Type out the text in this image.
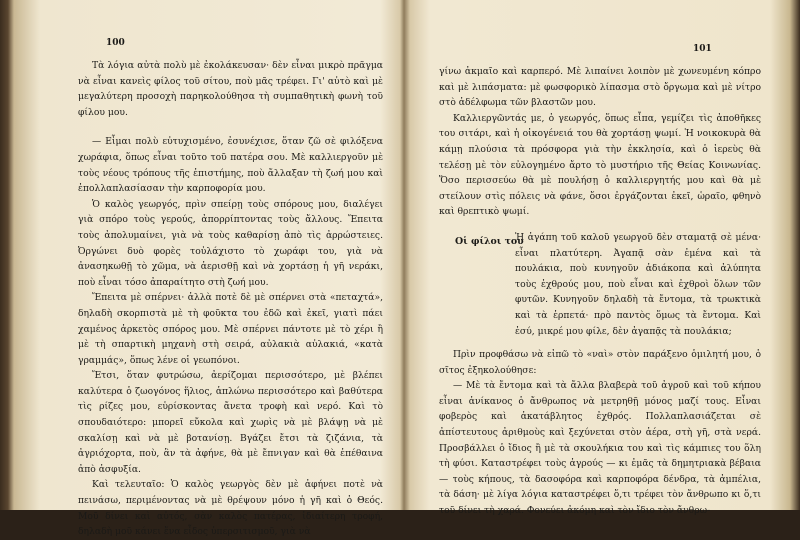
100

Τὰ λόγια αὐτὰ πολὺ μὲ ἐκολάκευσαν· δὲν εἶναι μικρὸ πρᾶγμα νὰ εἶναι κανεὶς φίλος τοῦ σίτου, ποὺ μᾶς τρέφει. Γι' αὐτὸ καὶ μὲ μεγαλύτερη προσοχὴ παρηκολούθησα τὴ συμπαθητικὴ φωνὴ τοῦ φίλου μου.

— Εἶμαι πολὺ εὐτυχισμένο, ἐσυνέχισε, ὅταν ζῶ σὲ φιλόξενα χωράφια, ὅπως εἶναι τοῦτο τοῦ πατέρα σου. Μὲ καλλιεργοῦν μὲ τοὺς νέους τρόπους τῆς ἐπιστήμης, ποὺ ἄλλαξαν τὴ ζωή μου καὶ ἐπολλαπλασίασαν τὴν καρποφορία μου.

Ὁ καλὸς γεωργός, πρὶν σπείρῃ τοὺς σπόρους μου, διαλέγει γιὰ σπόρο τοὺς γερούς, ἀπορρίπτοντας τοὺς ἄλλους. Ἔπειτα τοὺς ἀπολυμαίνει, γιὰ νὰ τοὺς καθαρίσῃ ἀπὸ τὶς ἀρρώστειες. Ὀργώνει δυὸ φορὲς τοὐλάχιστο τὸ χωράφι του, γιὰ νὰ ἀνασηκωθῇ τὸ χῶμα, νὰ ἀερισθῇ καὶ νὰ χορτάσῃ ἡ γῆ νεράκι, ποὺ εἶναι τόσο ἀπαραίτητο στὴ ζωή μου.

Ἔπειτα μὲ σπέρνει· ἀλλὰ ποτὲ δὲ μὲ σπέρνει στὰ «πεταχτά», δηλαδὴ σκορπιστὰ μὲ τὴ φοῦκτα του ἐδῶ καὶ ἐκεῖ, γιατὶ πάει χαμένος ἀρκετὸς σπόρος μου. Μὲ σπέρνει πάντοτε μὲ τὸ χέρι ἢ μὲ τὴ σπαρτικὴ μηχανὴ στὴ σειρά, αὐλακιὰ αὐλακιά, «κατὰ γραμμάς», ὅπως λένε οἱ γεωπόνοι.

Ἔτσι, ὅταν φυτρώσω, ἀερίζομαι περισσότερο, μὲ βλέπει καλύτερα ὁ ζωογόνος ἥλιος, ἁπλώνω περισσότερο καὶ βαθύτερα τὶς ρίζες μου, εὑρίσκοντας ἄνετα τροφὴ καὶ νερό. Καὶ τὸ σπουδαιότερο: μπορεῖ εὔκολα καὶ χωρὶς νὰ μὲ βλάψῃ νὰ μὲ σκαλίσῃ καὶ νὰ μὲ βοτανίσῃ. Βγάζει ἔτσι τὰ ζιζάνια, τὰ ἀγριόχορτα, ποὺ, ἂν τὰ ἀφήνε, θὰ μὲ ἔπνιγαν καὶ θὰ ἐπέθαινα ἀπὸ ἀσφυξία.

Καὶ τελευταῖο: Ὁ καλὸς γεωργὸς δὲν μὲ ἀφήνει ποτὲ νὰ πεινάσω, περιμένοντας νὰ μὲ θρέψουν μόνο ἡ γῆ καὶ ὁ Θεός. Μοῦ δίνει καὶ αὐτός, σὰν καλὸς πατέρας, ἰδιαίτερη τροφή, δηλαδὴ μοῦ κάνει ἕνα εἶδος ὑπερσιτισμοῦ, γιὰ νὰ

101

γίνω ἀκμαῖο καὶ καρπερό. Μὲ λιπαίνει λοιπὸν μὲ χωνευμένη κόπρο καὶ μὲ λιπάσματα: μὲ φωσφορικὸ λίπασμα στὸ ὄργωμα καὶ μὲ νίτρο στὸ ἀδέλφωμα τῶν βλαστῶν μου.

Καλλιεργῶντάς με, ὁ γεωργός, ὅπως εἶπα, γεμίζει τὶς ἀποθῆκες του σιτάρι, καὶ ἡ οἰκογένειά του θὰ χορτάσῃ ψωμί. Ἡ νοικοκυρὰ θὰ κάμῃ πλούσια τὰ πρόσφορα γιὰ τὴν ἐκκλησία, καὶ ὁ ἱερεὺς θὰ τελέσῃ μὲ τὸν εὐλογημένο ἄρτο τὸ μυστήριο τῆς Θείας Κοινωνίας. Ὅσο περισσεύω θὰ μὲ πουλήσῃ ὁ καλλιεργητής μου καὶ θὰ μὲ στείλουν στὶς πόλεις νὰ φάνε, ὅσοι ἐργάζονται ἐκεῖ, ὡραῖο, φθηνὸ καὶ θρεπτικὸ ψωμί.

Οἱ φίλοι του

Ἡ ἀγάπη τοῦ καλοῦ γεωργοῦ δὲν σταματᾷ σὲ μένα· εἶναι πλατύτερη. Ἀγαπᾷ σὰν ἐμένα καὶ τὰ πουλάκια, ποὺ κυνηγοῦν ἀδιάκοπα καὶ ἀλύπητα τοὺς ἐχθρούς μου, ποὺ εἶναι καὶ ἐχθροὶ ὅλων τῶν φυτῶν. Κυνηγοῦν δηλαδὴ τὰ ἔντομα, τὰ τρωκτικὰ καὶ τὰ ἑρπετά· πρὸ παντὸς ὅμως τὰ ἔντομα. Καὶ ἐσύ, μικρέ μου φίλε, δὲν ἀγαπᾷς τὰ πουλάκια;

Πρὶν προφθάσω νὰ εἰπῶ τὸ «ναὶ» στὸν παράξενο ὁμιλητή μου, ὁ σῖτος ἐξηκολούθησε:

— Μὲ τὰ ἔντομα καὶ τὰ ἄλλα βλαβερὰ τοῦ ἀγροῦ καὶ τοῦ κήπου εἶναι ἀνίκανος ὁ ἄνθρωπος νὰ μετρηθῇ μόνος μαζί τους. Εἶναι φοβερὸς καὶ ἀκατάβλητος ἐχθρός. Πολλαπλασιάζεται σὲ ἀπίστευτους ἀριθμοὺς καὶ ξεχύνεται στὸν ἀέρα, στὴ γῆ, στὰ νερά. Προσβάλλει ὁ ἴδιος ἢ μὲ τὰ σκουλήκια του καὶ τὶς κάμπιες του ὅλη τὴ φύσι. Καταστρέφει τοὺς ἀγρούς — κι ἐμᾶς τὰ δημητριακὰ βέβαια — τοὺς κήπους, τὰ δασοφόρα καὶ καρποφόρα δένδρα, τὰ ἀμπέλια, τὰ δάση· μὲ λίγα λόγια καταστρέφει ὅ,τι τρέφει τὸν ἄνθρωπο κι ὅ,τι τοῦ δίνει τὴ χαρά. Φονεύει ἀκόμη καὶ τὸν ἴδιο τὸν ἄνθρω-
